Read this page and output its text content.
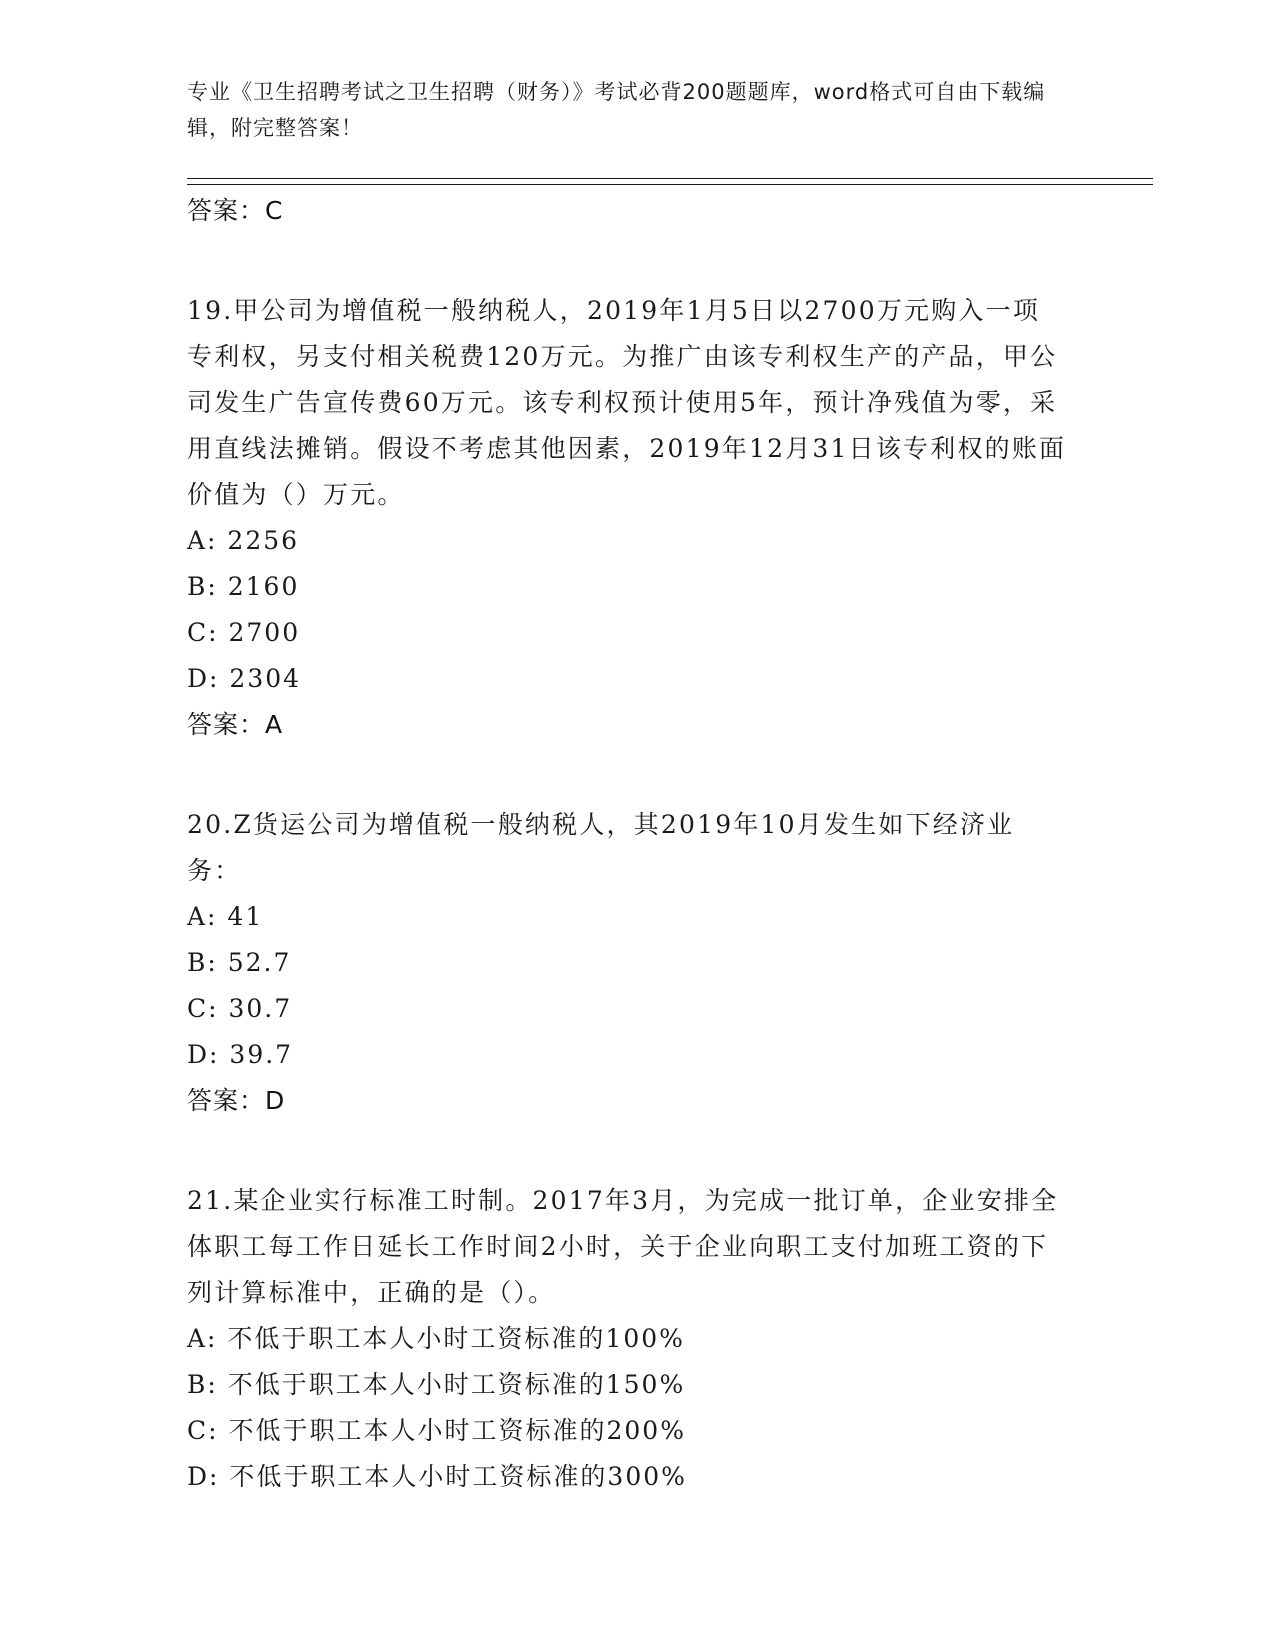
专业《卫生招聘考试之卫生招聘（财务）》考试必背200题题库，word格式可自由下载编辑，附完整答案！
答案：C
19.甲公司为增值税一般纳税人，2019年1月5日以2700万元购入一项专利权，另支付相关税费120万元。为推广由该专利权生产的产品，甲公司发生广告宣传费60万元。该专利权预计使用5年，预计净残值为零，采用直线法摊销。假设不考虑其他因素，2019年12月31日该专利权的账面价值为（）万元。
A: 2256
B: 2160
C: 2700
D: 2304
答案：A
20.Z货运公司为增值税一般纳税人，其2019年10月发生如下经济业务：
A: 41
B: 52.7
C: 30.7
D: 39.7
答案：D
21.某企业实行标准工时制。2017年3月，为完成一批订单，企业安排全体职工每工作日延长工作时间2小时，关于企业向职工支付加班工资的下列计算标准中，正确的是（）。
A: 不低于职工本人小时工资标准的100%
B: 不低于职工本人小时工资标准的150%
C: 不低于职工本人小时工资标准的200%
D: 不低于职工本人小时工资标准的300%
